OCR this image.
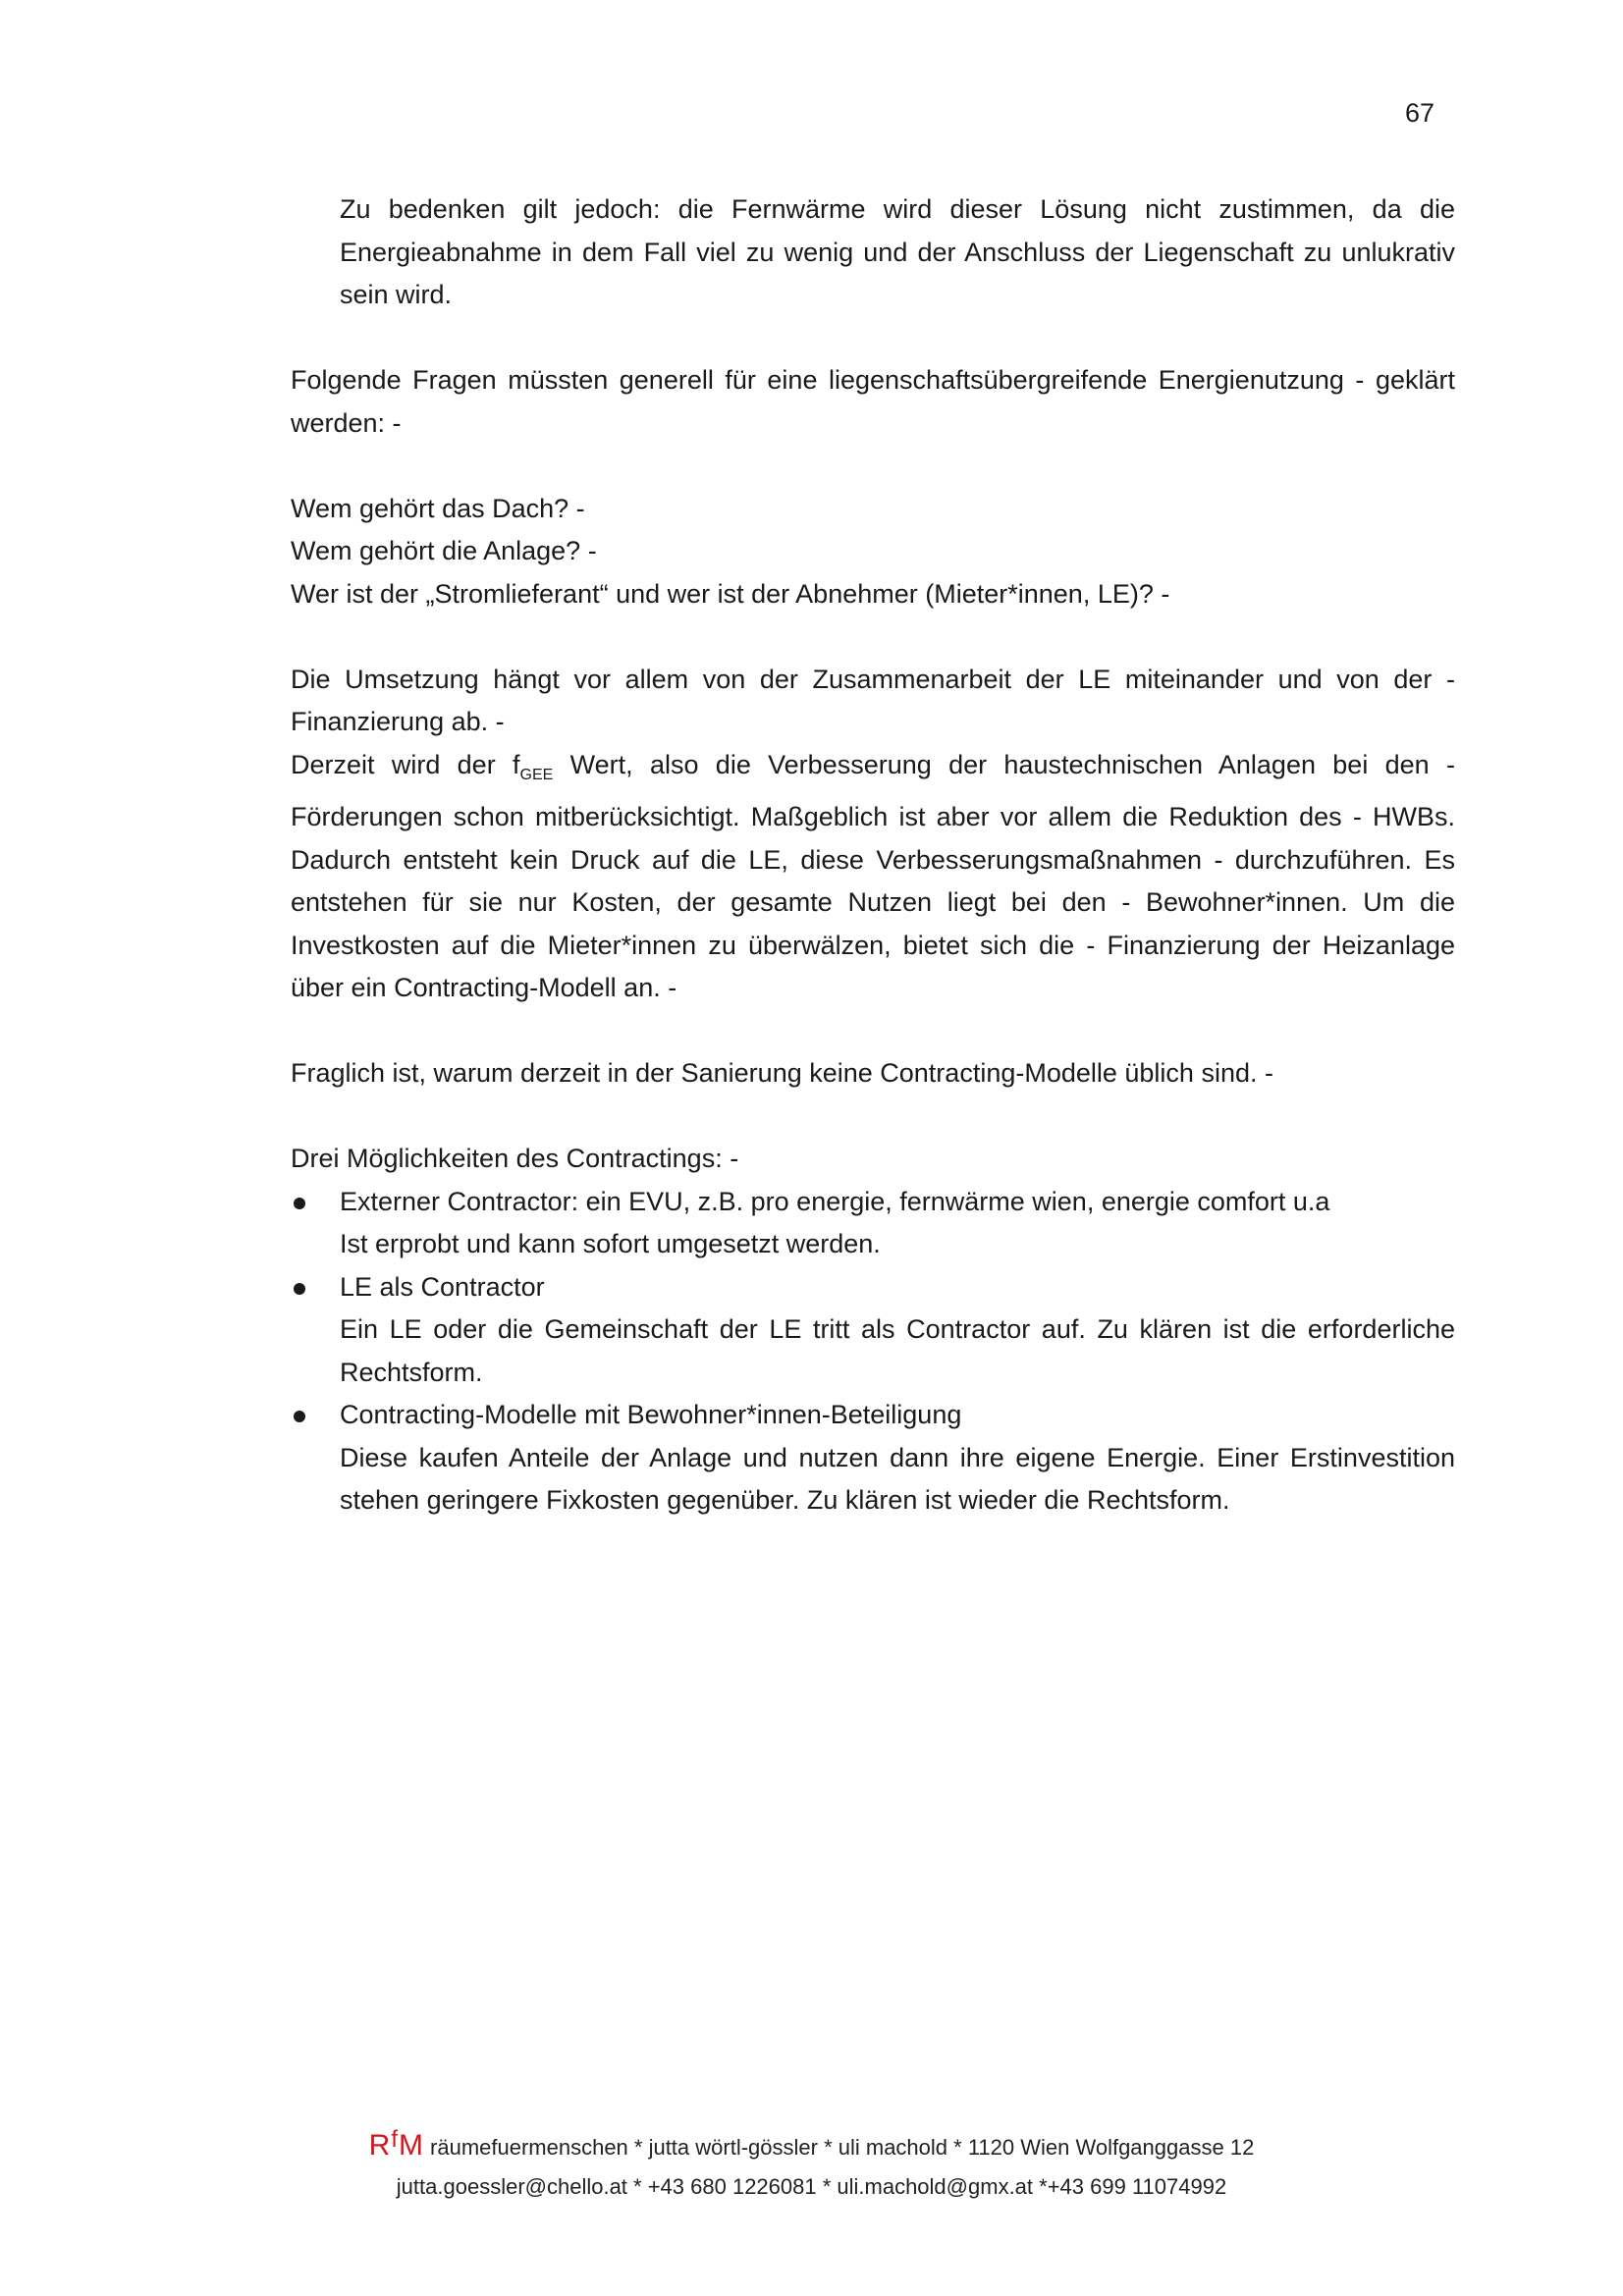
67

Zu bedenken gilt jedoch: die Fernwärme wird dieser Lösung nicht zustimmen, da die Energieabnahme in dem Fall viel zu wenig und der Anschluss der Liegenschaft zu unlukrativ sein wird.

Folgende Fragen müssten generell für eine liegenschaftsübergreifende Energienutzung - geklärt werden: -

Wem gehört das Dach? -

Wem gehört die Anlage? -

Wer ist der „Stromlieferant“ und wer ist der Abnehmer (Mieter*innen, LE)? -

Die Umsetzung hängt vor allem von der Zusammenarbeit der LE miteinander und von der - Finanzierung ab. -

Derzeit wird der $f_{GEE}$ Wert, also die Verbesserung der haustechnischen Anlagen bei den - Förderungen schon mitberücksichtigt. Maßgeblich ist aber vor allem die Reduktion des - HWBs. Dadurch entsteht kein Druck auf die LE, diese Verbesserungsmaßnahmen - durchzuführen. Es entstehen für sie nur Kosten, der gesamte Nutzen liegt bei den - Bewohner*innen. Um die Investkosten auf die Mieter*innen zu überwälzen, bietet sich die - Finanzierung der Heizanlage über ein Contracting-Modell an. -

Fraglich ist, warum derzeit in der Sanierung keine Contracting-Modelle üblich sind. -

Drei Möglichkeiten des Contractings: -

Externer Contractor: ein EVU, z.B. pro energie, fernwärme wien, energie comfort u.a

Ist erprobt und kann sofort umgesetzt werden.

LE als Contractor

Ein LE oder die Gemeinschaft der LE tritt als Contractor auf. Zu klären ist die erforderliche Rechtsform.

Contracting-Modelle mit Bewohner*innen-Beteiligung

Diese kaufen Anteile der Anlage und nutzen dann ihre eigene Energie. Einer Erstinvestition stehen geringere Fixkosten gegenüber. Zu klären ist wieder die Rechtsform.

$R^fM$ räumefuermenschen * jutta wörtl-gössler * uli machold * 1120 Wien Wolfganggasse 12
jutta.goessler@chello.at * +43 680 1226081 * uli.machold@gmx.at *+43 699 11074992
